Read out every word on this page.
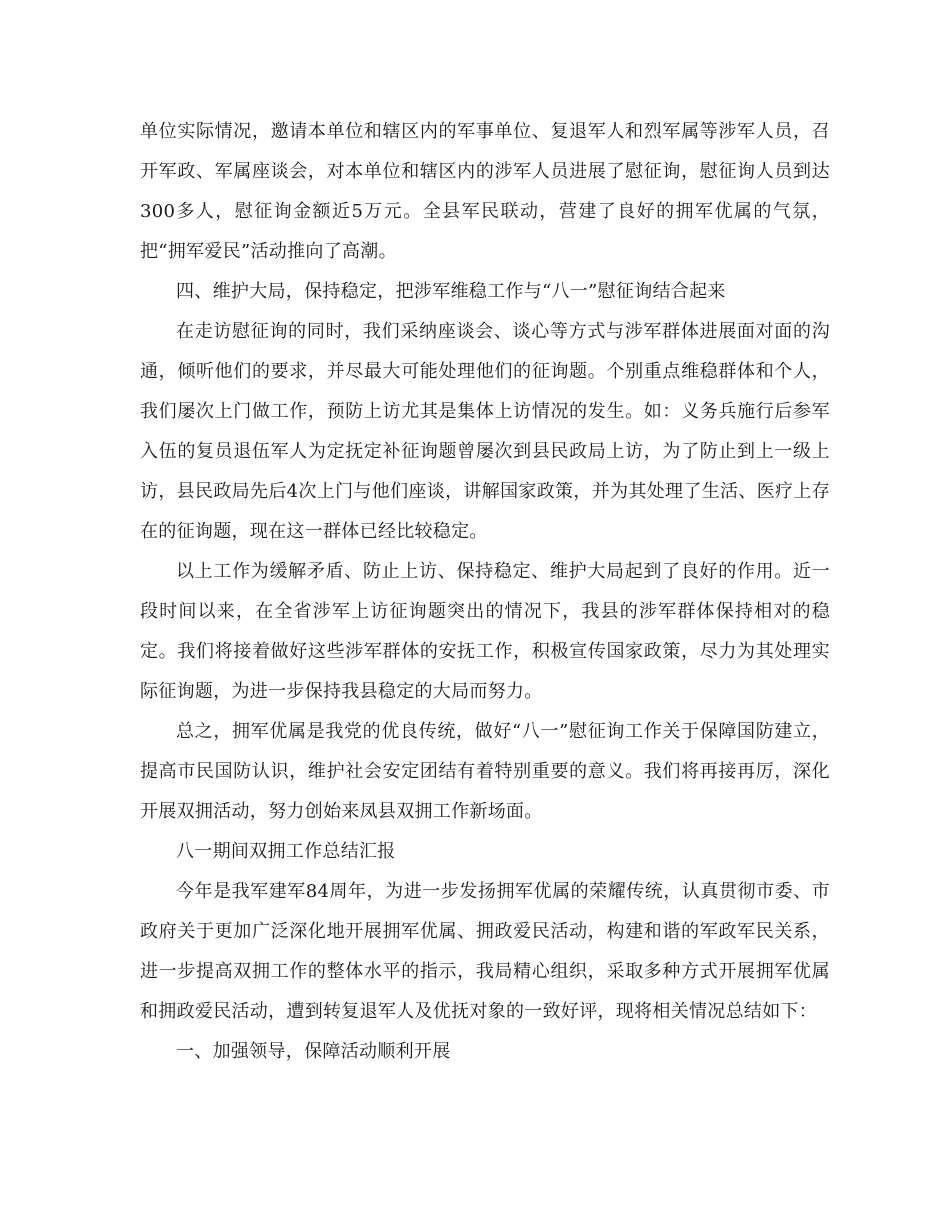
单位实际情况，邀请本单位和辖区内的军事单位、复退军人和烈军属等涉军人员，召开军政、军属座谈会，对本单位和辖区内的涉军人员进展了慰征询，慰征询人员到达300多人，慰征询金额近5万元。全县军民联动，营建了良好的拥军优属的气氛，把“拥军爱民”活动推向了高潮。

四、维护大局，保持稳定，把涉军维稳工作与“八一”慰征询结合起来

在走访慰征询的同时，我们采纳座谈会、谈心等方式与涉军群体进展面对面的沟通，倾听他们的要求，并尽最大可能处理他们的征询题。个别重点维稳群体和个人，我们屡次上门做工作，预防上访尤其是集体上访情况的发生。如：义务兵施行后参军入伍的复员退伍军人为定抚定补征询题曾屡次到县民政局上访，为了防止到上一级上访，县民政局先后4次上门与他们座谈，讲解国家政策，并为其处理了生活、医疗上存在的征询题，现在这一群体已经比较稳定。

以上工作为缓解矛盾、防止上访、保持稳定、维护大局起到了良好的作用。近一段时间以来，在全省涉军上访征询题突出的情况下，我县的涉军群体保持相对的稳定。我们将接着做好这些涉军群体的安抚工作，积极宣传国家政策，尽力为其处理实际征询题，为进一步保持我县稳定的大局而努力。

总之，拥军优属是我党的优良传统，做好“八一”慰征询工作关于保障国防建立，提高市民国防认识，维护社会安定团结有着特别重要的意义。我们将再接再厉，深化开展双拥活动，努力创始来凤县双拥工作新场面。

八一期间双拥工作总结汇报

今年是我军建军84周年，为进一步发扬拥军优属的荣耀传统，认真贯彻市委、市政府关于更加广泛深化地开展拥军优属、拥政爱民活动，构建和谐的军政军民关系，进一步提高双拥工作的整体水平的指示，我局精心组织，采取多种方式开展拥军优属和拥政爱民活动，遭到转复退军人及优抚对象的一致好评，现将相关情况总结如下：

一、加强领导，保障活动顺利开展
